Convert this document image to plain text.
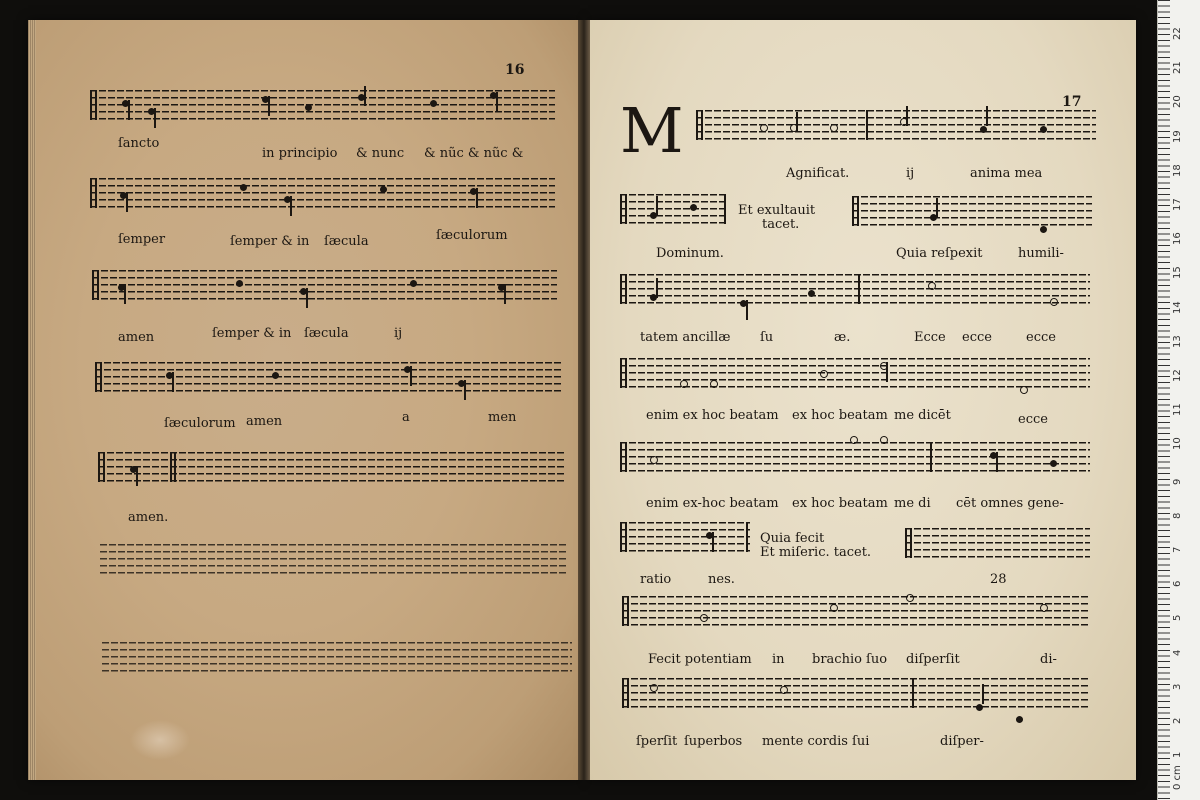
16
17
M
ſancto
in principio & nunc & nũc & nũc &
ſemper	ſemper & in ſæcula	ſæculorum
amen	ſemper & in ſæcula	ij
ſæculorum amen	a	men
amen.
Et exultauit
tacet.
Quia fecit
Et miſeric. tacet.
Agnificat.	ij	anima mea
Dominum.	Quia reſpexit	humili-
tatem ancillæ ſu	æ.	Ecce ecce	ecce
enim ex hoc beatam ex hoc beatam me dicēt	ecce
enim ex-hoc beatam ex hoc beatam me di cēt omnes gene-
ratio	nes.	28
Fecit potentiam in brachio ſuo diſperſit	di-
ſperſit ſuperbos mente cordis ſui	diſper-
22
21
20
19
18
17
16
15
14
13
12
11
10
9
8
7
6
5
4
3
2
1
0 cm
